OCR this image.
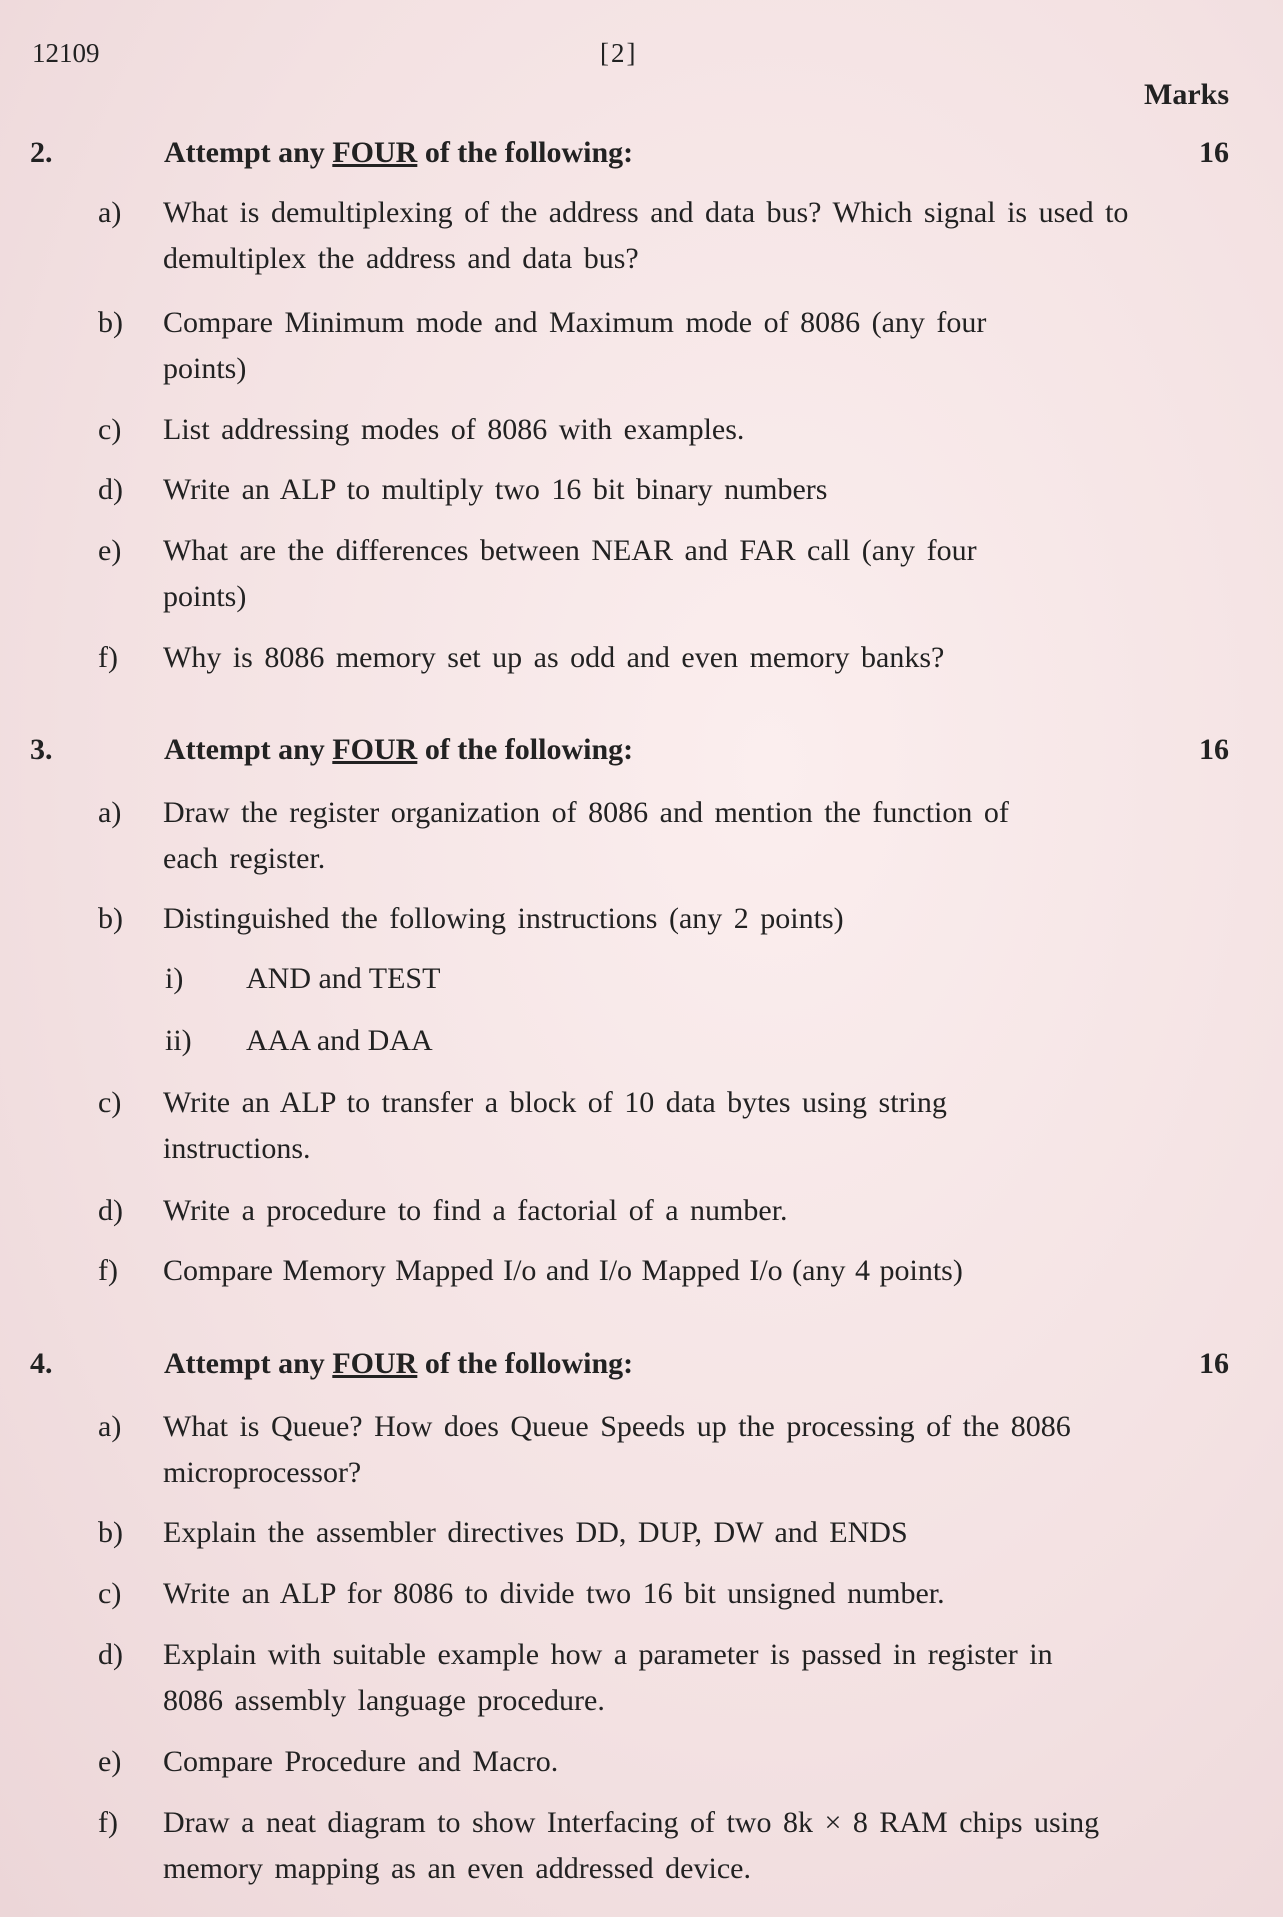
12109	[2]
Marks
2.	Attempt any FOUR of the following:	16
a) What is demultiplexing of the address and data bus? Which signal is used to demultiplex the address and data bus?
b) Compare Minimum mode and Maximum mode of 8086 (any four points)
c) List addressing modes of 8086 with examples.
d) Write an ALP to multiply two 16 bit binary numbers
e) What are the differences between NEAR and FAR call (any four points)
f) Why is 8086 memory set up as odd and even memory banks?
3.	Attempt any FOUR of the following:	16
a) Draw the register organization of 8086 and mention the function of each register.
b) Distinguished the following instructions (any 2 points)
i) AND and TEST
ii) AAA and DAA
c) Write an ALP to transfer a block of 10 data bytes using string instructions.
d) Write a procedure to find a factorial of a number.
f) Compare Memory Mapped I/o and I/o Mapped I/o (any 4 points)
4.	Attempt any FOUR of the following:	16
a) What is Queue? How does Queue Speeds up the processing of the 8086 microprocessor?
b) Explain the assembler directives DD, DUP, DW and ENDS
c) Write an ALP for 8086 to divide two 16 bit unsigned number.
d) Explain with suitable example how a parameter is passed in register in 8086 assembly language procedure.
e) Compare Procedure and Macro.
f) Draw a neat diagram to show Interfacing of two 8k × 8 RAM chips using memory mapping as an even addressed device.
